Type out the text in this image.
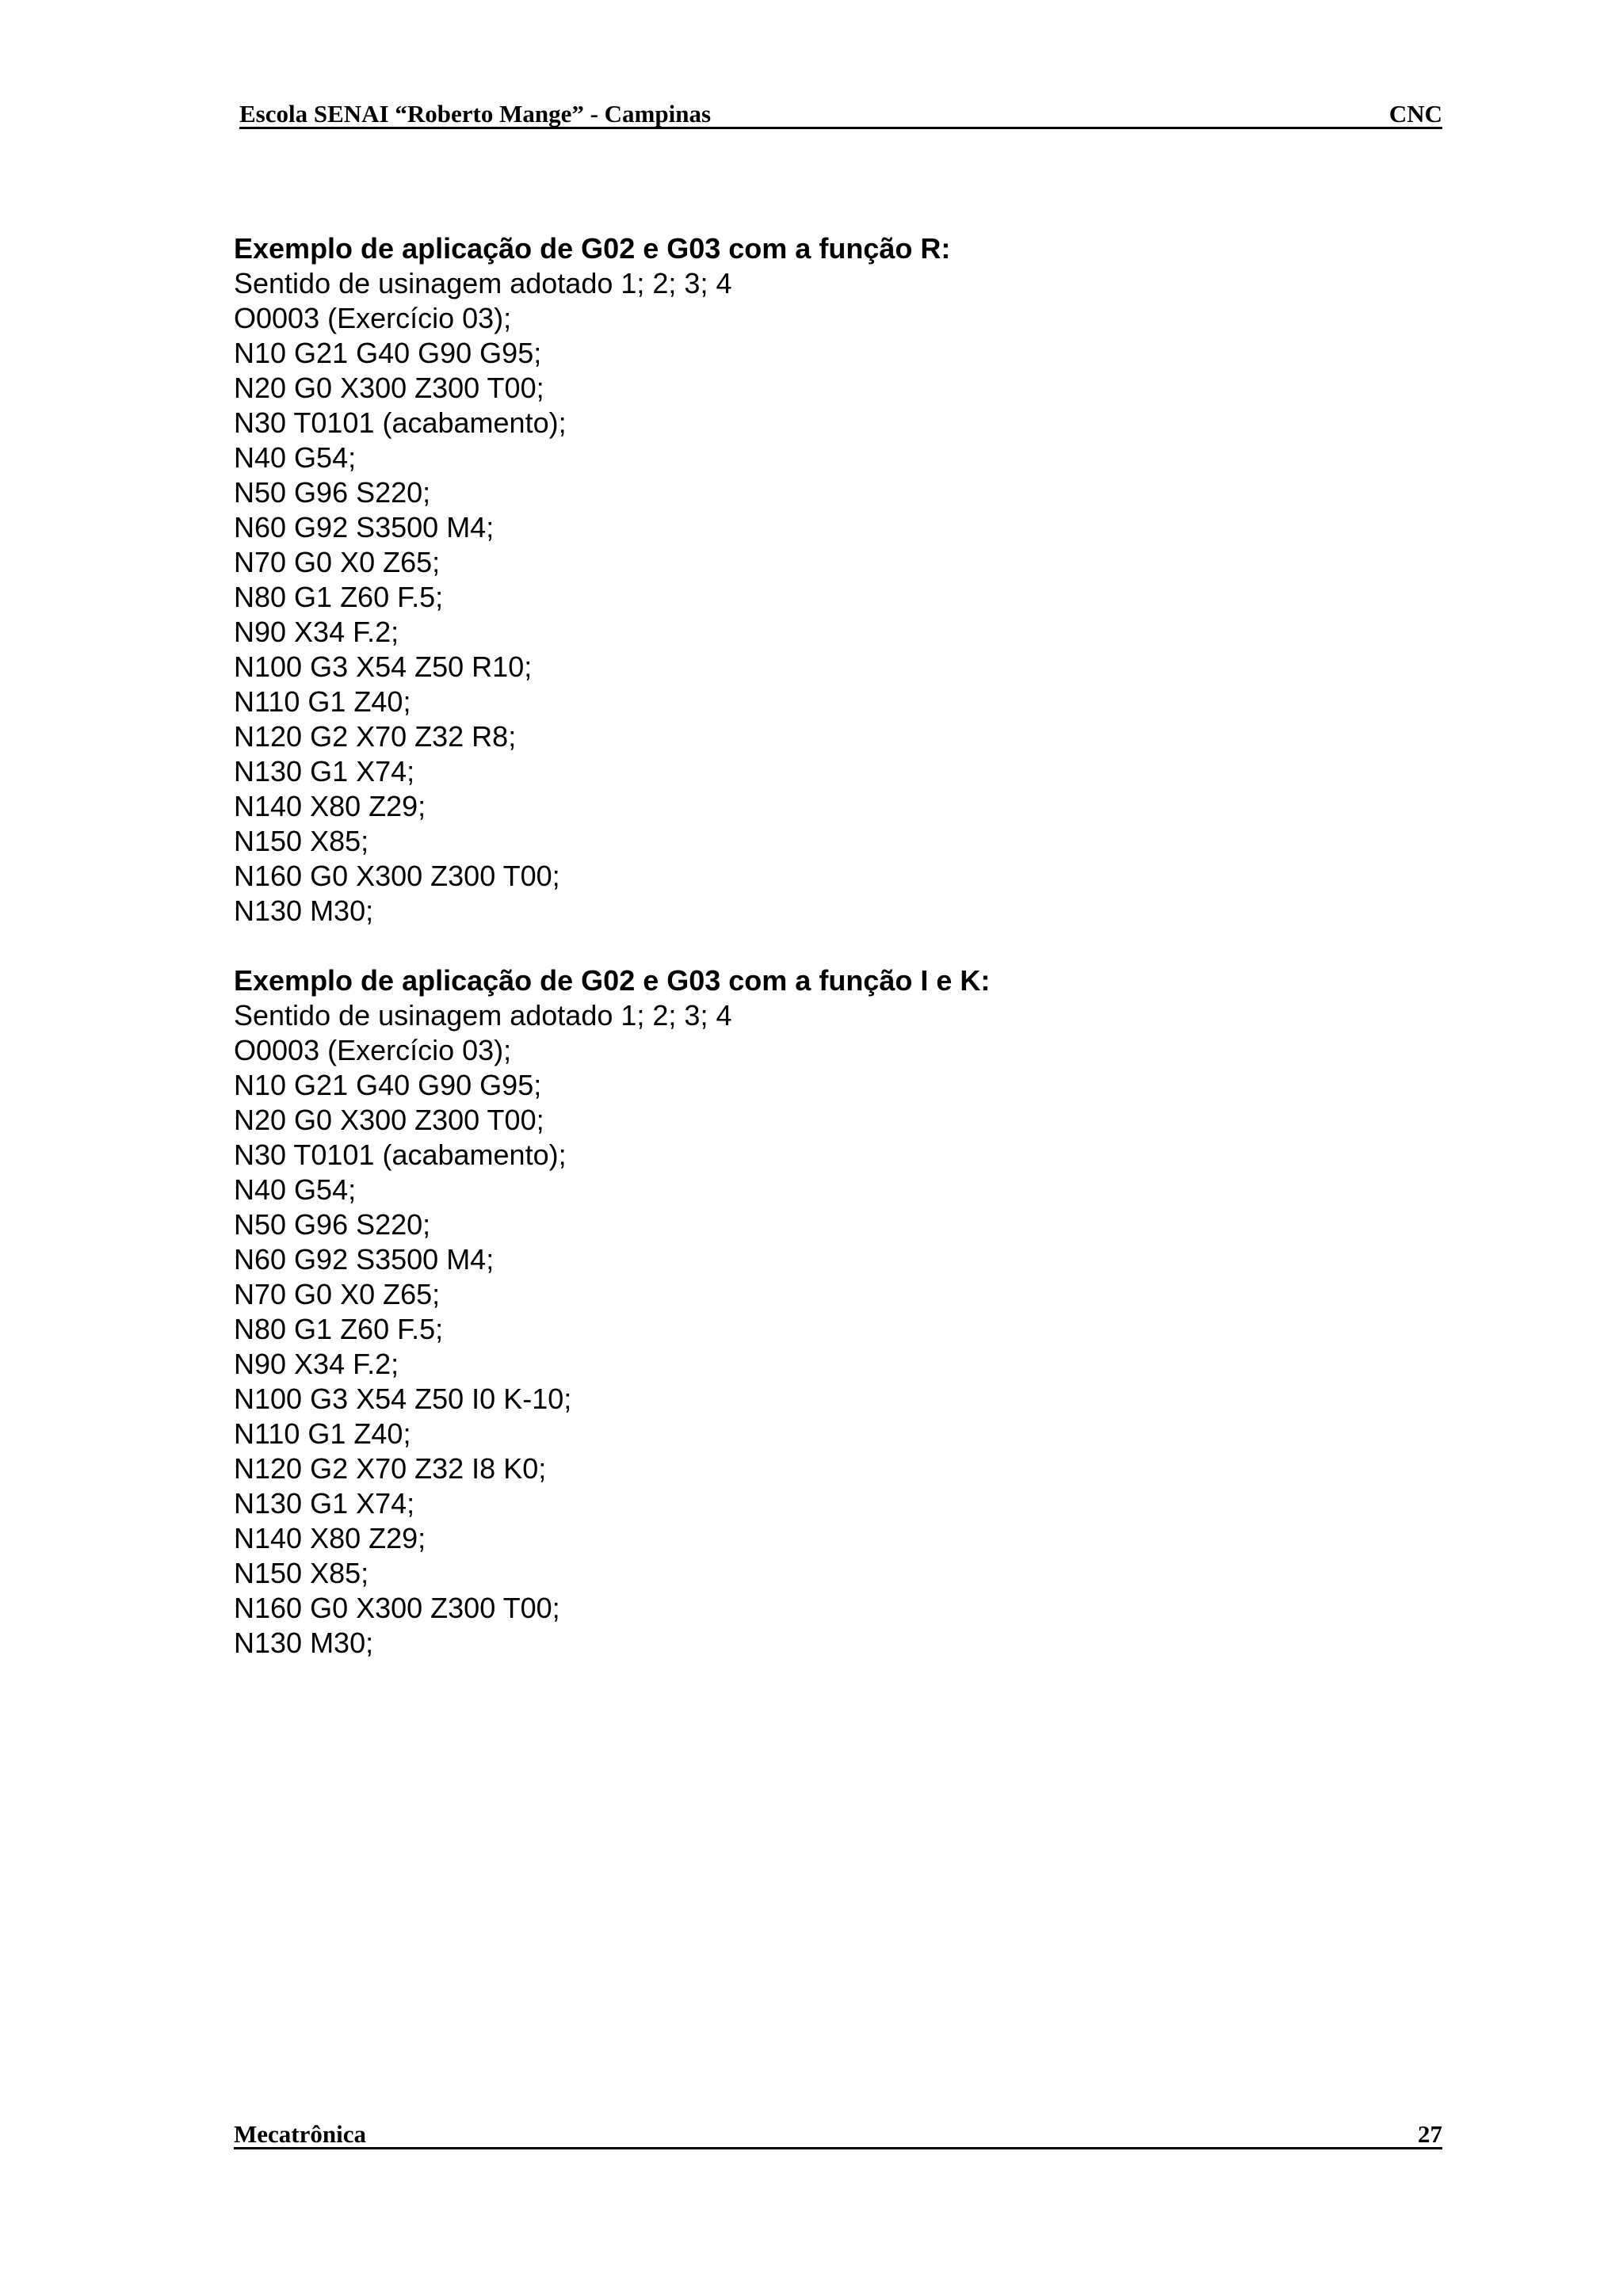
Escola SENAI “Roberto Mange” - Campinas	CNC
Exemplo de aplicação de G02 e G03 com a função R:
Sentido de usinagem adotado 1; 2; 3; 4
O0003 (Exercício 03);
N10 G21 G40 G90 G95;
N20 G0 X300 Z300 T00;
N30 T0101 (acabamento);
N40 G54;
N50 G96 S220;
N60 G92 S3500 M4;
N70 G0 X0 Z65;
N80 G1 Z60 F.5;
N90 X34 F.2;
N100 G3 X54 Z50 R10;
N110 G1 Z40;
N120 G2 X70 Z32 R8;
N130 G1 X74;
N140 X80 Z29;
N150 X85;
N160 G0 X300 Z300 T00;
N130 M30;
Exemplo de aplicação de G02 e G03 com a função I e K:
Sentido de usinagem adotado 1; 2; 3; 4
O0003 (Exercício 03);
N10 G21 G40 G90 G95;
N20 G0 X300 Z300 T00;
N30 T0101 (acabamento);
N40 G54;
N50 G96 S220;
N60 G92 S3500 M4;
N70 G0 X0 Z65;
N80 G1 Z60 F.5;
N90 X34 F.2;
N100 G3 X54 Z50 I0 K-10;
N110 G1 Z40;
N120 G2 X70 Z32 I8 K0;
N130 G1 X74;
N140 X80 Z29;
N150 X85;
N160 G0 X300 Z300 T00;
N130 M30;
Mecatrônica	27
